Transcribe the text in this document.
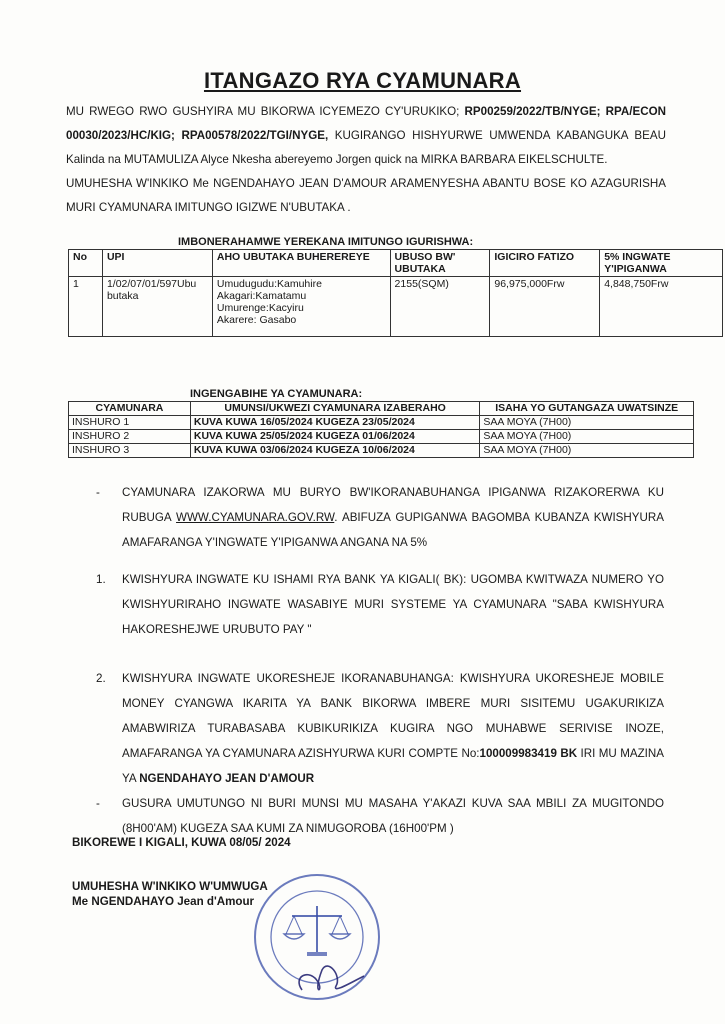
ITANGAZO RYA CYAMUNARA

MU RWEGO RWO GUSHYIRA MU BIKORWA ICYEMEZO CY'URUKIKO; RP00259/2022/TB/NYGE; RPA/ECON 00030/2023/HC/KIG; RPA00578/2022/TGI/NYGE, KUGIRANGO HISHYURWE UMWENDA KABANGUKA BEAU Kalinda na MUTAMULIZA Alyce Nkesha abereyemo Jorgen quick na MIRKA BARBARA EIKELSCHULTE.

UMUHESHA W'INKIKO Me NGENDAHAYO JEAN D'AMOUR ARAMENYESHA ABANTU BOSE KO AZAGURISHA MURI CYAMUNARA IMITUNGO IGIZWE N'UBUTAKA .

IMBONERAHAMWE YEREKANA IMITUNGO IGURISHWA:
No	UPI	AHO UBUTAKA BUHEREREYE	UBUSO BW' UBUTAKA	IGICIRO FATIZO	5% INGWATE Y'IPIGANWA
1	1/02/07/01/597Ubu butaka	Umudugudu:Kamuhire
Akagari:Kamatamu
Umurenge:Kacyiru
Akarere: Gasabo	2155(SQM)	96,975,000Frw	4,848,750Frw
INGENGABIHE YA CYAMUNARA:
CYAMUNARA	UMUNSI/UKWEZI CYAMUNARA IZABERAHO	ISAHA YO GUTANGAZA UWATSINZE
INSHURO 1	KUVA KUWA 16/05/2024 KUGEZA 23/05/2024	SAA MOYA (7H00)
INSHURO 2	KUVA KUWA 25/05/2024 KUGEZA 01/06/2024	SAA MOYA (7H00)
INSHURO 3	KUVA KUWA 03/06/2024 KUGEZA 10/06/2024	SAA MOYA (7H00)
- CYAMUNARA IZAKORWA MU BURYO BW'IKORANABUHANGA IPIGANWA RIZAKORERWA KU RUBUGA WWW.CYAMUNARA.GOV.RW. ABIFUZA GUPIGANWA BAGOMBA KUBANZA KWISHYURA AMAFARANGA Y'INGWATE Y'IPIGANWA ANGANA NA 5%
1. KWISHYURA INGWATE KU ISHAMI RYA BANK YA KIGALI( BK): UGOMBA KWITWAZA NUMERO YO KWISHYURIRAHO INGWATE WASABIYE MURI SYSTEME YA CYAMUNARA "SABA KWISHYURA HAKORESHEJWE URUBUTO PAY "
2. KWISHYURA INGWATE UKORESHEJE IKORANABUHANGA: KWISHYURA UKORESHEJE MOBILE MONEY CYANGWA IKARITA YA BANK BIKORWA IMBERE MURI SISITEMU UGAKURIKIZA AMABWIRIZA TURABASABA KUBIKURIKIZA KUGIRA NGO MUHABWE SERIVISE INOZE, AMAFARANGA YA CYAMUNARA AZISHYURWA KURI COMPTE No:100009983419 BK IRI MU MAZINA YA NGENDAHAYO JEAN D'AMOUR
- GUSURA UMUTUNGO NI BURI MUNSI MU MASAHA Y'AKAZI KUVA SAA MBILI ZA MUGITONDO (8H00'AM) KUGEZA SAA KUMI ZA NIMUGOROBA (16H00'PM )
BIKOREWE I KIGALI, KUWA 08/05/ 2024
UMUHESHA W'INKIKO W'UMWUGA
Me NGENDAHAYO Jean d'Amour
